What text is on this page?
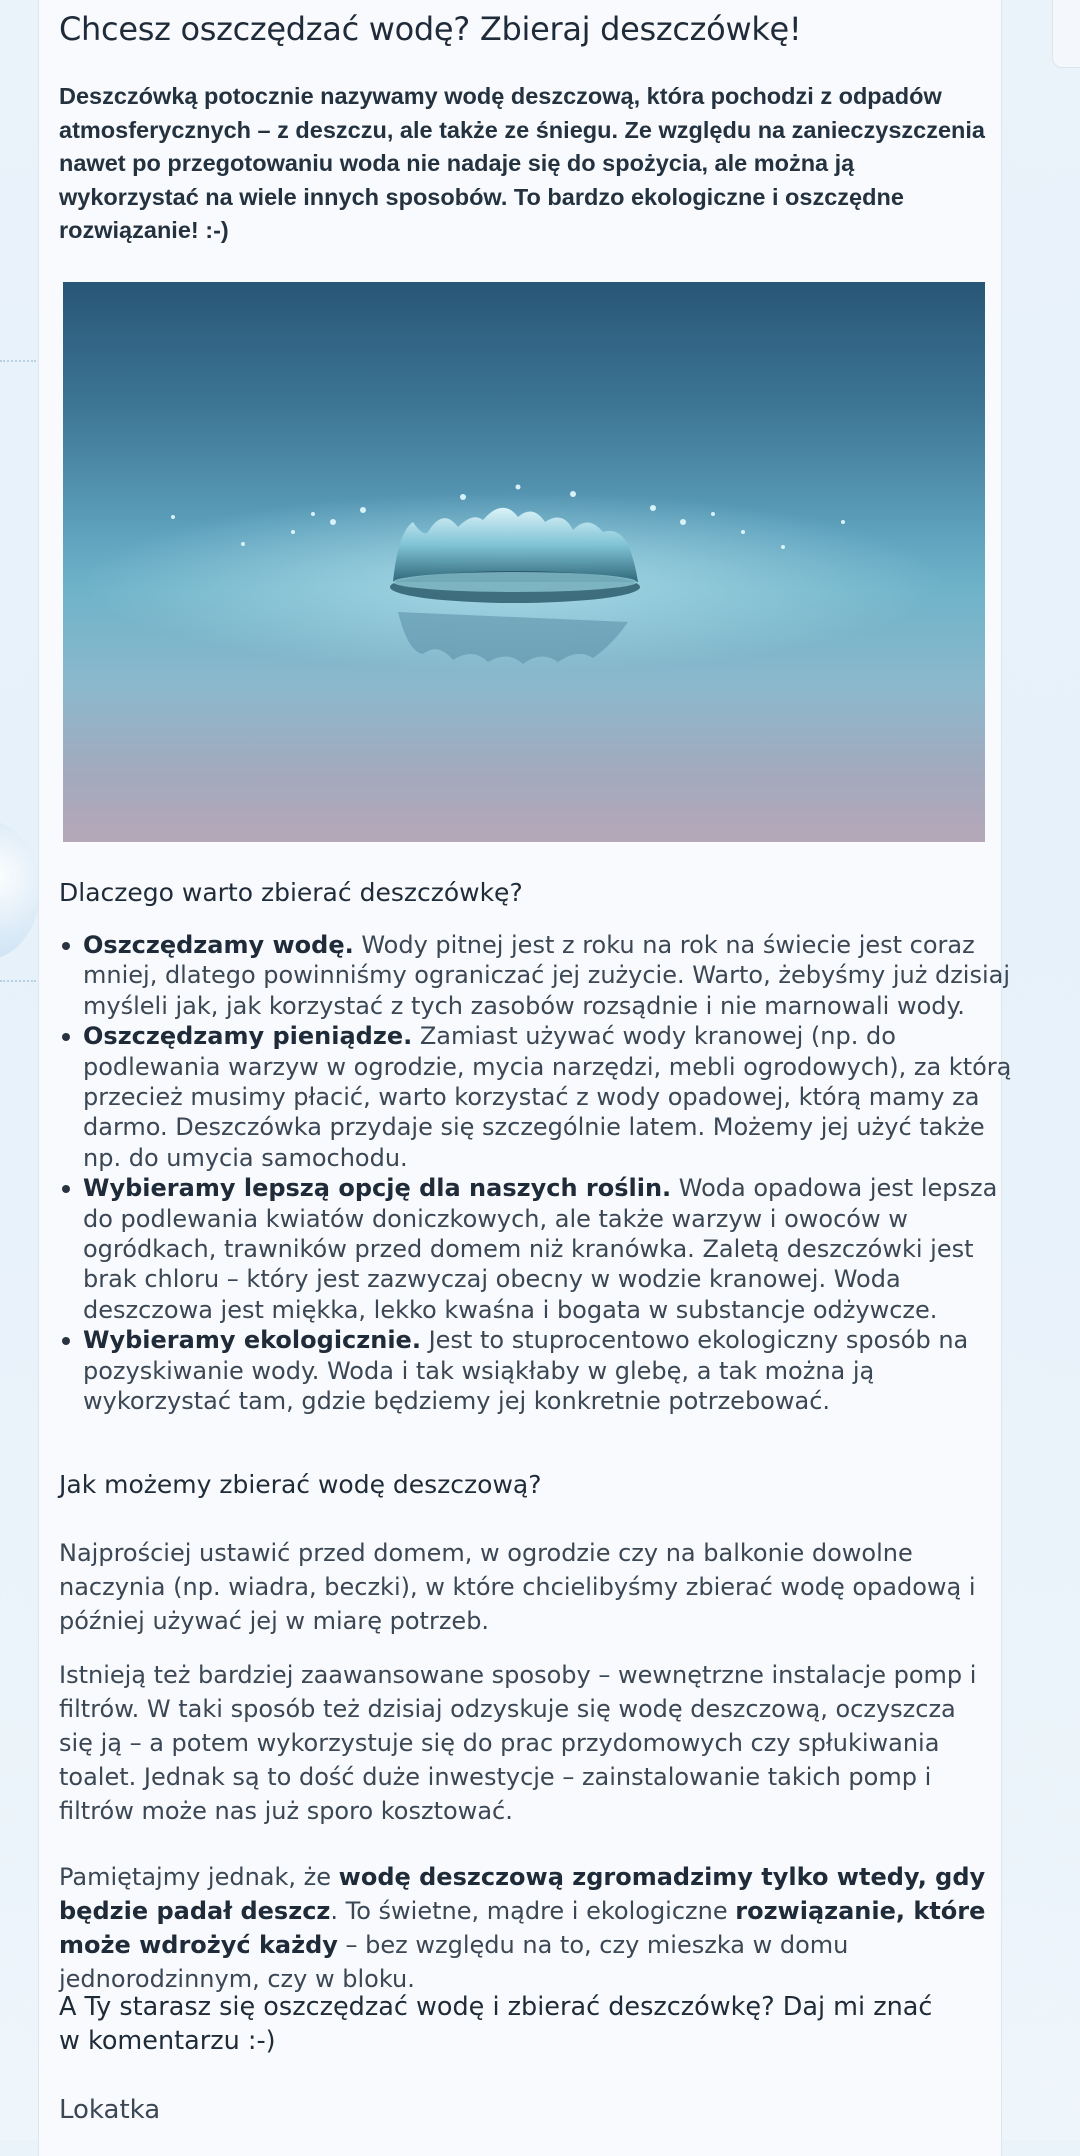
Chcesz oszczędzać wodę? Zbieraj deszczówkę!

Deszczówką potocznie nazywamy wodę deszczową, która pochodzi z odpadów atmosferycznych – z deszczu, ale także ze śniegu. Ze względu na zanieczyszczenia nawet po przegotowaniu woda nie nadaje się do spożycia, ale można ją wykorzystać na wiele innych sposobów. To bardzo ekologiczne i oszczędne rozwiązanie! :-)

Dlaczego warto zbierać deszczówkę?
Oszczędzamy wodę. Wody pitnej jest z roku na rok na świecie jest coraz mniej, dlatego powinniśmy ograniczać jej zużycie. Warto, żebyśmy już dzisiaj myśleli jak, jak korzystać z tych zasobów rozsądnie i nie marnowali wody.
Oszczędzamy pieniądze. Zamiast używać wody kranowej (np. do podlewania warzyw w ogrodzie, mycia narzędzi, mebli ogrodowych), za którą przecież musimy płacić, warto korzystać z wody opadowej, którą mamy za darmo. Deszczówka przydaje się szczególnie latem. Możemy jej użyć także np. do umycia samochodu.
Wybieramy lepszą opcję dla naszych roślin. Woda opadowa jest lepsza do podlewania kwiatów doniczkowych, ale także warzyw i owoców w ogródkach, trawników przed domem niż kranówka. Zaletą deszczówki jest brak chloru – który jest zazwyczaj obecny w wodzie kranowej. Woda deszczowa jest miękka, lekko kwaśna i bogata w substancje odżywcze.
Wybieramy ekologicznie. Jest to stuprocentowo ekologiczny sposób na pozyskiwanie wody. Woda i tak wsiąkłaby w glebę, a tak można ją wykorzystać tam, gdzie będziemy jej konkretnie potrzebować.
Jak możemy zbierać wodę deszczową?

Najprościej ustawić przed domem, w ogrodzie czy na balkonie dowolne naczynia (np. wiadra, beczki), w które chcielibyśmy zbierać wodę opadową i później używać jej w miarę potrzeb.

Istnieją też bardziej zaawansowane sposoby – wewnętrzne instalacje pomp i filtrów. W taki sposób też dzisiaj odzyskuje się wodę deszczową, oczyszcza się ją – a potem wykorzystuje się do prac przydomowych czy spłukiwania toalet. Jednak są to dość duże inwestycje – zainstalowanie takich pomp i filtrów może nas już sporo kosztować.

Pamiętajmy jednak, że wodę deszczową zgromadzimy tylko wtedy, gdy będzie padał deszcz. To świetne, mądre i ekologiczne rozwiązanie, które może wdrożyć każdy – bez względu na to, czy mieszka w domu jednorodzinnym, czy w bloku.

A Ty starasz się oszczędzać wodę i zbierać deszczówkę? Daj mi znać w komentarzu :-)

Lokatka
